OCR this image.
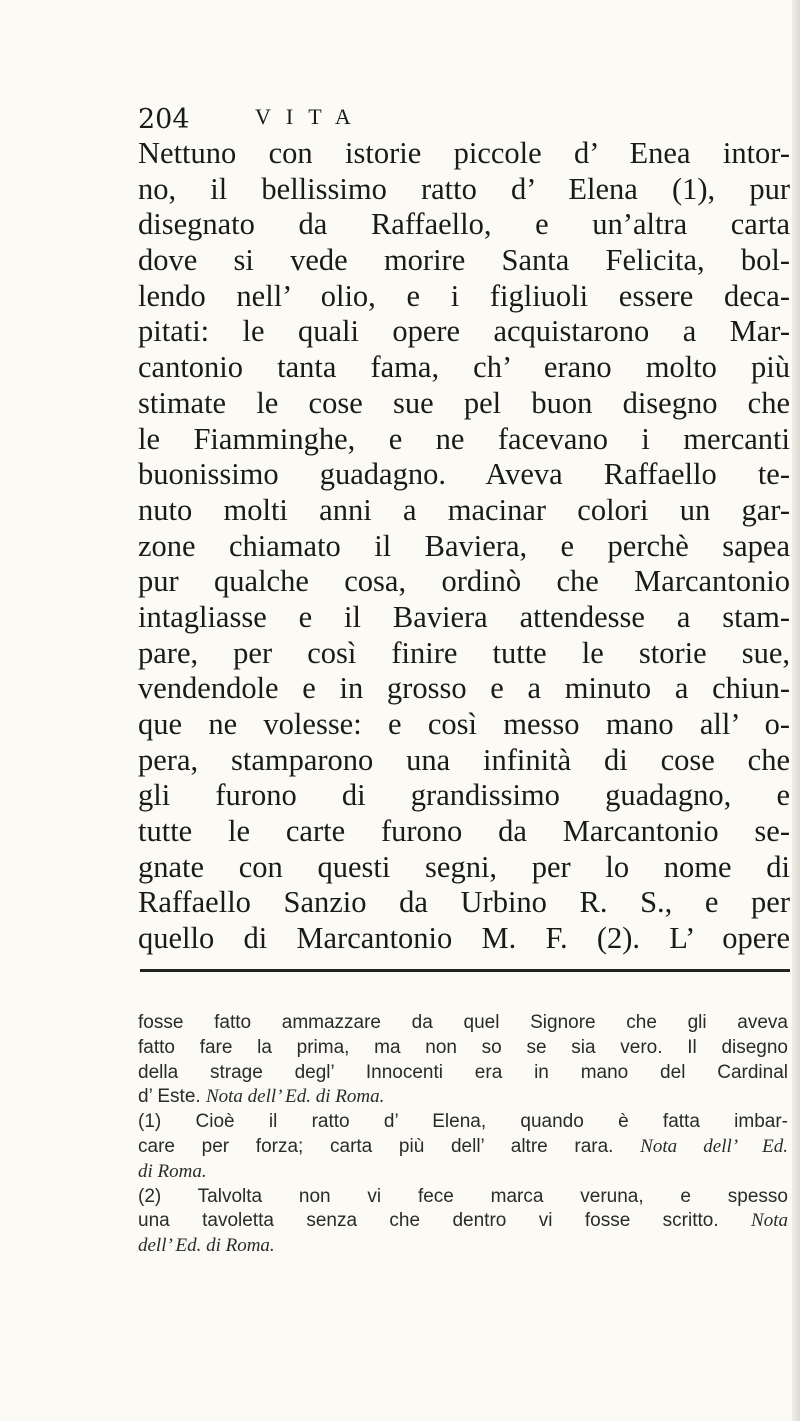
204	VITA
Nettuno con istorie piccole d’ Enea intor-
no, il bellissimo ratto d’ Elena (1), pur
disegnato da Raffaello, e un’altra carta
dove si vede morire Santa Felicita, bol-
lendo nell’ olio, e i figliuoli essere deca-
pitati: le quali opere acquistarono a Mar-
cantonio tanta fama, ch’ erano molto più
stimate le cose sue pel buon disegno che
le Fiamminghe, e ne facevano i mercanti
buonissimo guadagno. Aveva Raffaello te-
nuto molti anni a macinar colori un gar-
zone chiamato il Baviera, e perchè sapea
pur qualche cosa, ordinò che Marcantonio
intagliasse e il Baviera attendesse a stam-
pare, per così finire tutte le storie sue,
vendendole e in grosso e a minuto a chiun-
que ne volesse: e così messo mano all’ o-
pera, stamparono una infinità di cose che
gli furono di grandissimo guadagno, e
tutte le carte furono da Marcantonio se-
gnate con questi segni, per lo nome di
Raffaello Sanzio da Urbino R. S., e per
quello di Marcantonio M. F. (2). L’ opere
fosse fatto ammazzare da quel Signore che gli aveva
fatto fare la prima, ma non so se sia vero. Il disegno
della strage degl’ Innocenti era in mano del Cardinal
d’ Este. Nota dell’ Ed. di Roma.
(1) Cioè il ratto d’ Elena, quando è fatta imbar-
care per forza; carta più dell’ altre rara. Nota dell’ Ed.
di Roma.
(2) Talvolta non vi fece marca veruna, e spesso
una tavoletta senza che dentro vi fosse scritto. Nota
dell’ Ed. di Roma.
